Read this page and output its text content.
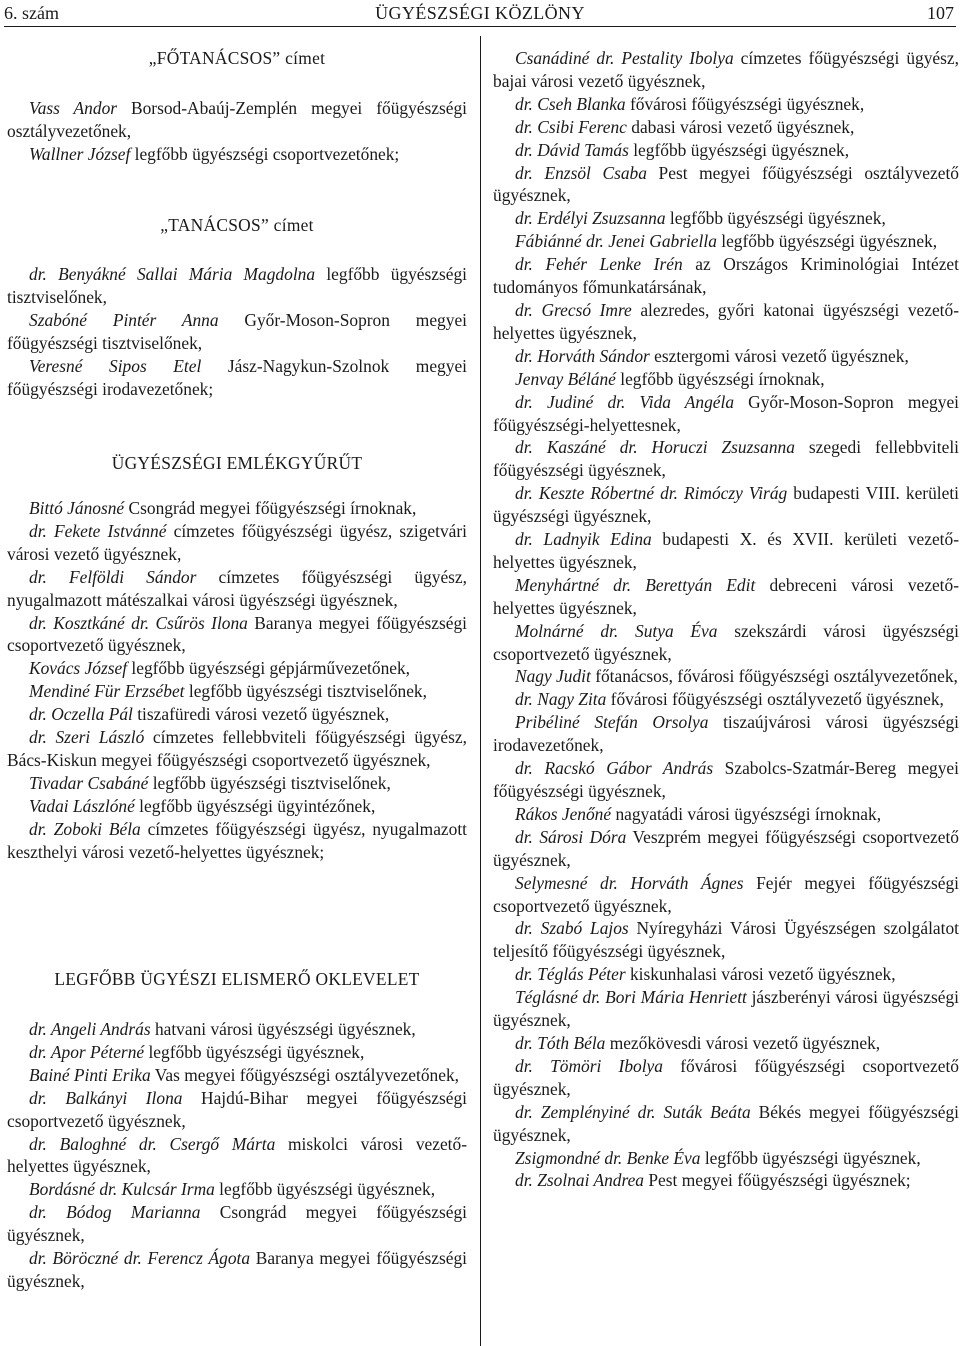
6. szám	ÜGYÉSZSÉGI KÖZLÖNY	107
„FŐTANÁCSOS” címet
Vass Andor Borsod-Abaúj-Zemplén megyei főügyészségi osztályvezetőnek,
Wallner József legfőbb ügyészségi csoportvezetőnek;
„TANÁCSOS” címet
dr. Benyákné Sallai Mária Magdolna legfőbb ügyészségi tisztviselőnek,
Szabóné Pintér Anna Győr-Moson-Sopron megyei főügyészségi tisztviselőnek,
Veresné Sipos Etel Jász-Nagykun-Szolnok megyei főügyészségi irodavezetőnek;
ÜGYÉSZSÉGI EMLÉKGYŰRŰT
Bittó Jánosné Csongrád megyei főügyészségi írnoknak,
dr. Fekete Istvánné címzetes főügyészségi ügyész, szigetvári városi vezető ügyésznek,
dr. Felföldi Sándor címzetes főügyészségi ügyész, nyugalmazott mátészalkai városi ügyészségi ügyésznek,
dr. Kosztkáné dr. Csűrös Ilona Baranya megyei főügyészségi csoportvezető ügyésznek,
Kovács József legfőbb ügyészségi gépjárművezetőnek,
Mendiné Für Erzsébet legfőbb ügyészségi tisztviselőnek,
dr. Oczella Pál tiszafüredi városi vezető ügyésznek,
dr. Szeri László címzetes fellebbviteli főügyészségi ügyész, Bács-Kiskun megyei főügyészségi csoportvezető ügyésznek,
Tivadar Csabáné legfőbb ügyészségi tisztviselőnek,
Vadai Lászlóné legfőbb ügyészségi ügyintézőnek,
dr. Zoboki Béla címzetes főügyészségi ügyész, nyugalmazott keszthelyi városi vezető-helyettes ügyésznek;
LEGFŐBB ÜGYÉSZI ELISMERŐ OKLEVELET
dr. Angeli András hatvani városi ügyészségi ügyésznek,
dr. Apor Péterné legfőbb ügyészségi ügyésznek,
Bainé Pinti Erika Vas megyei főügyészségi osztályvezetőnek,
dr. Balkányi Ilona Hajdú-Bihar megyei főügyészségi csoportvezető ügyésznek,
dr. Baloghné dr. Csergő Márta miskolci városi vezető-helyettes ügyésznek,
Bordásné dr. Kulcsár Irma legfőbb ügyészségi ügyésznek,
dr. Bódog Marianna Csongrád megyei főügyészségi ügyésznek,
dr. Böröczné dr. Ferencz Ágota Baranya megyei főügyészségi ügyésznek,
Csanádiné dr. Pestality Ibolya címzetes főügyészségi ügyész, bajai városi vezető ügyésznek,
dr. Cseh Blanka fővárosi főügyészségi ügyésznek,
dr. Csibi Ferenc dabasi városi vezető ügyésznek,
dr. Dávid Tamás legfőbb ügyészségi ügyésznek,
dr. Enzsöl Csaba Pest megyei főügyészségi osztályvezető ügyésznek,
dr. Erdélyi Zsuzsanna legfőbb ügyészségi ügyésznek,
Fábiánné dr. Jenei Gabriella legfőbb ügyészségi ügyésznek,
dr. Fehér Lenke Irén az Országos Kriminológiai Intézet tudományos főmunkatársának,
dr. Grecsó Imre alezredes, győri katonai ügyészségi vezető-helyettes ügyésznek,
dr. Horváth Sándor esztergomi városi vezető ügyésznek,
Jenvay Béláné legfőbb ügyészségi írnoknak,
dr. Judiné dr. Vida Angéla Győr-Moson-Sopron megyei főügyészségi-helyettesnek,
dr. Kaszáné dr. Horuczi Zsuzsanna szegedi fellebbviteli főügyészségi ügyésznek,
dr. Keszte Róbertné dr. Rimóczy Virág budapesti VIII. kerületi ügyészségi ügyésznek,
dr. Ladnyik Edina budapesti X. és XVII. kerületi vezető-helyettes ügyésznek,
Menyhártné dr. Berettyán Edit debreceni városi vezető-helyettes ügyésznek,
Molnárné dr. Sutya Éva szekszárdi városi ügyészségi csoportvezető ügyésznek,
Nagy Judit főtanácsos, fővárosi főügyészségi osztályvezetőnek,
dr. Nagy Zita fővárosi főügyészségi osztályvezető ügyésznek,
Pribéliné Stefán Orsolya tiszaújvárosi városi ügyészségi irodavezetőnek,
dr. Racskó Gábor András Szabolcs-Szatmár-Bereg megyei főügyészségi ügyésznek,
Rákos Jenőné nagyatádi városi ügyészségi írnoknak,
dr. Sárosi Dóra Veszprém megyei főügyészségi csoportvezető ügyésznek,
Selymesné dr. Horváth Ágnes Fejér megyei főügyészségi csoportvezető ügyésznek,
dr. Szabó Lajos Nyíregyházi Városi Ügyészségen szolgálatot teljesítő főügyészségi ügyésznek,
dr. Téglás Péter kiskunhalasi városi vezető ügyésznek,
Téglásné dr. Bori Mária Henriett jászberényi városi ügyészségi ügyésznek,
dr. Tóth Béla mezőkövesdi városi vezető ügyésznek,
dr. Tömöri Ibolya fővárosi főügyészségi csoportvezető ügyésznek,
dr. Zemplényiné dr. Suták Beáta Békés megyei főügyészségi ügyésznek,
Zsigmondné dr. Benke Éva legfőbb ügyészségi ügyésznek,
dr. Zsolnai Andrea Pest megyei főügyészségi ügyésznek;
